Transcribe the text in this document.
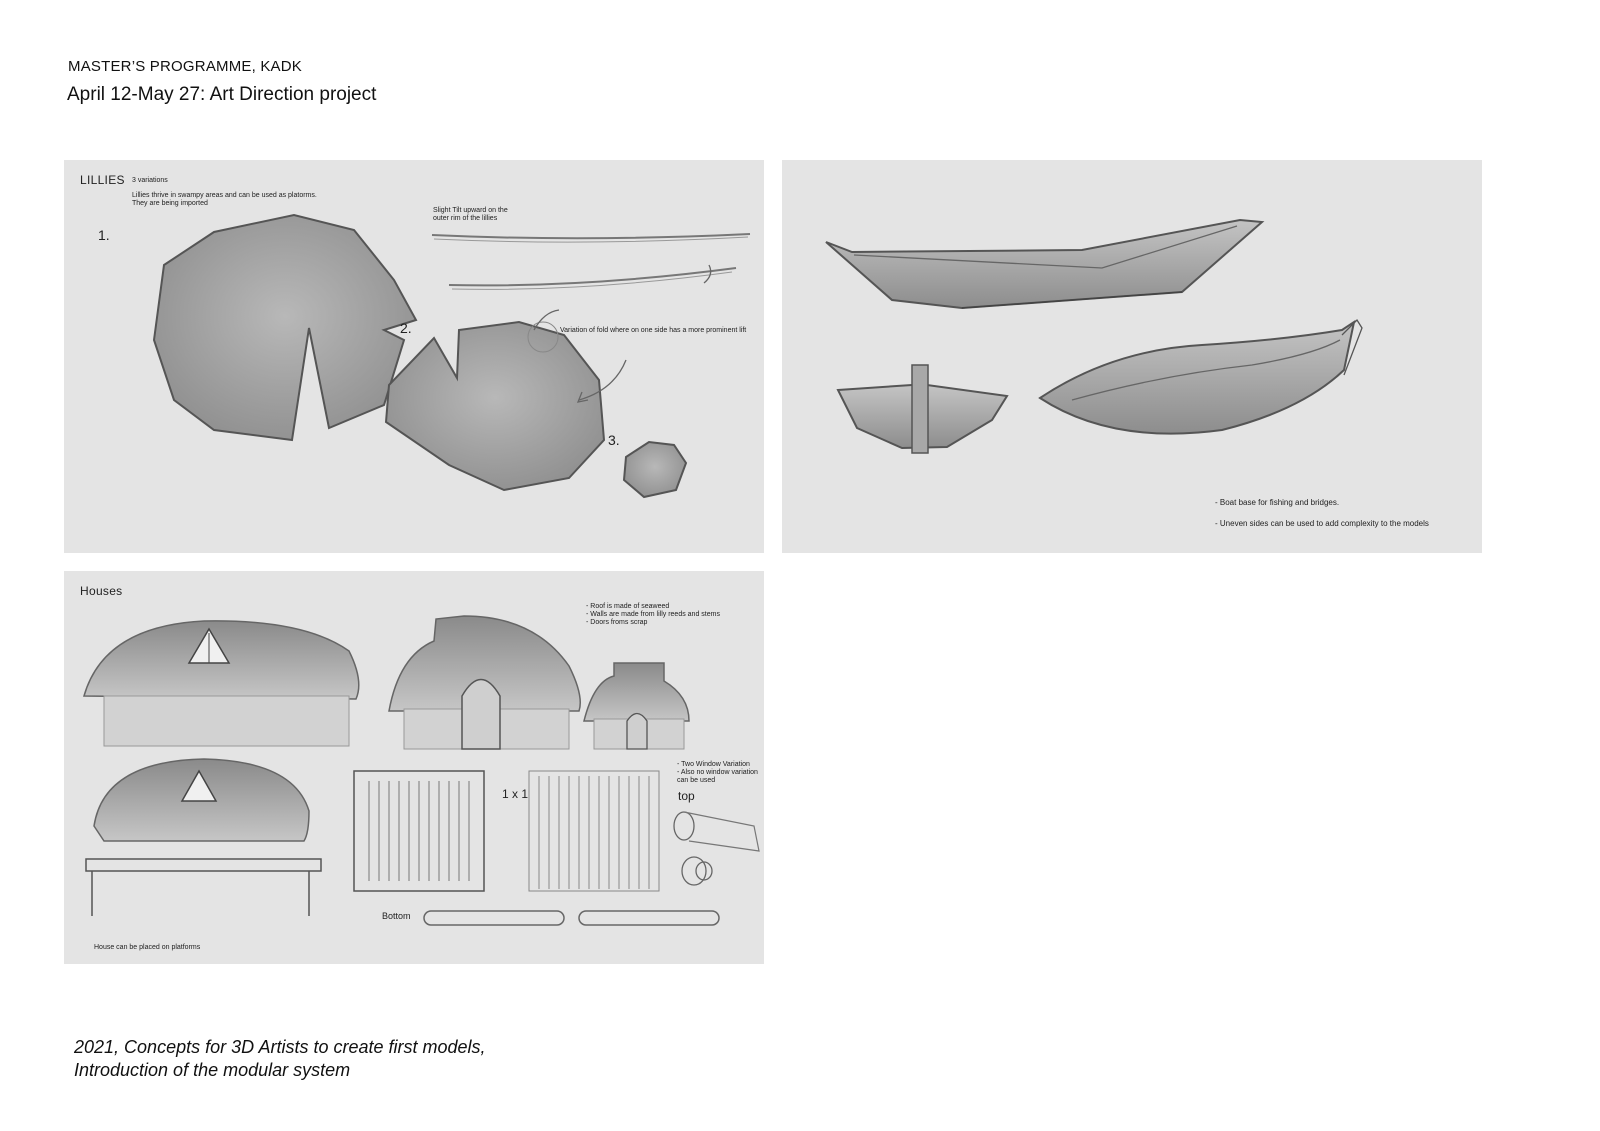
MASTER’S PROGRAMME, KADK
April 12-May 27: Art Direction project
LILLIES 3 variations
Lillies thrive in swampy areas and can be used as platorms.
They are being imported
Slight Tilt upward on the
outer rim of the lillies
Variation of fold where on one side has a more prominent lift
1.
2.
3.
- Boat base for fishing and bridges.
- Uneven sides can be used to add complexity to the models
Houses
- Roof is made of seaweed
- Walls are made from lilly reeds and stems
- Doors froms scrap
- Two Window Variation
- Also no window variation
can be used
House can be placed on platforms
1 x 1	top
Bottom
2021, Concepts for 3D Artists to create first models,
Introduction of the modular system
